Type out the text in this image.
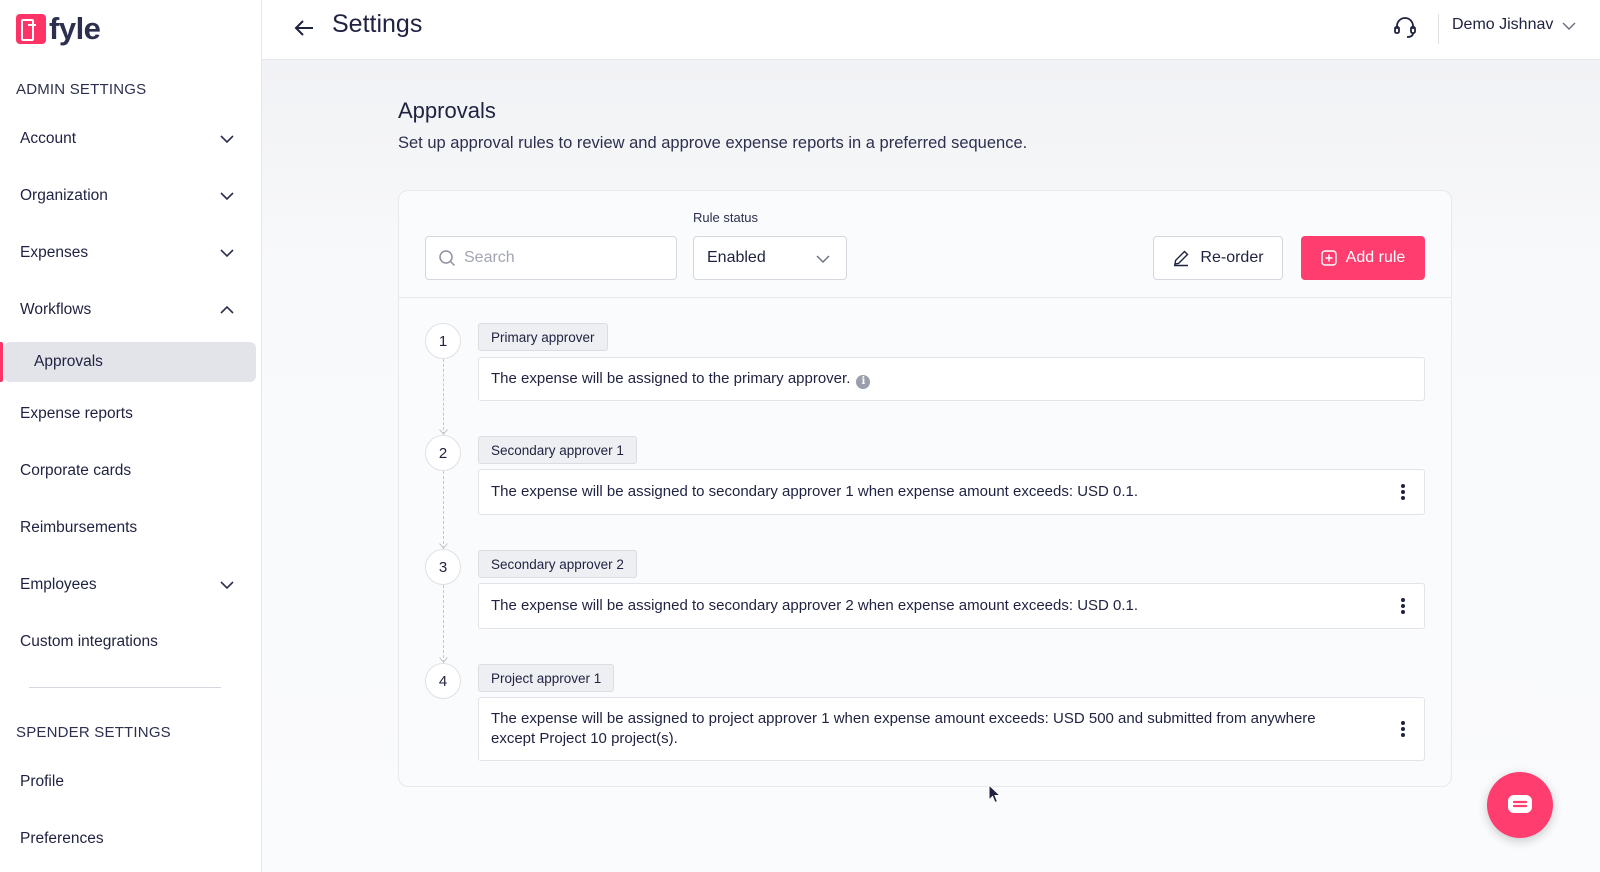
fyle
ADMIN SETTINGS
Account
Organization
Expenses
Workflows
Approvals
Expense reports
Corporate cards
Reimbursements
Employees
Custom integrations
SPENDER SETTINGS
Profile
Preferences
Settings	Demo Jishnav
Approvals
Set up approval rules to review and approve expense reports in a preferred sequence.
Search
Rule status
Enabled	Re-order	Add rule
1	Primary approver
The expense will be assigned to the primary approver. i
2	Secondary approver 1
The expense will be assigned to secondary approver 1 when expense amount exceeds: USD 0.1.
3	Secondary approver 2
The expense will be assigned to secondary approver 2 when expense amount exceeds: USD 0.1.
4	Project approver 1
The expense will be assigned to project approver 1 when expense amount exceeds: USD 500 and submitted from anywhere except Project 10 project(s).
